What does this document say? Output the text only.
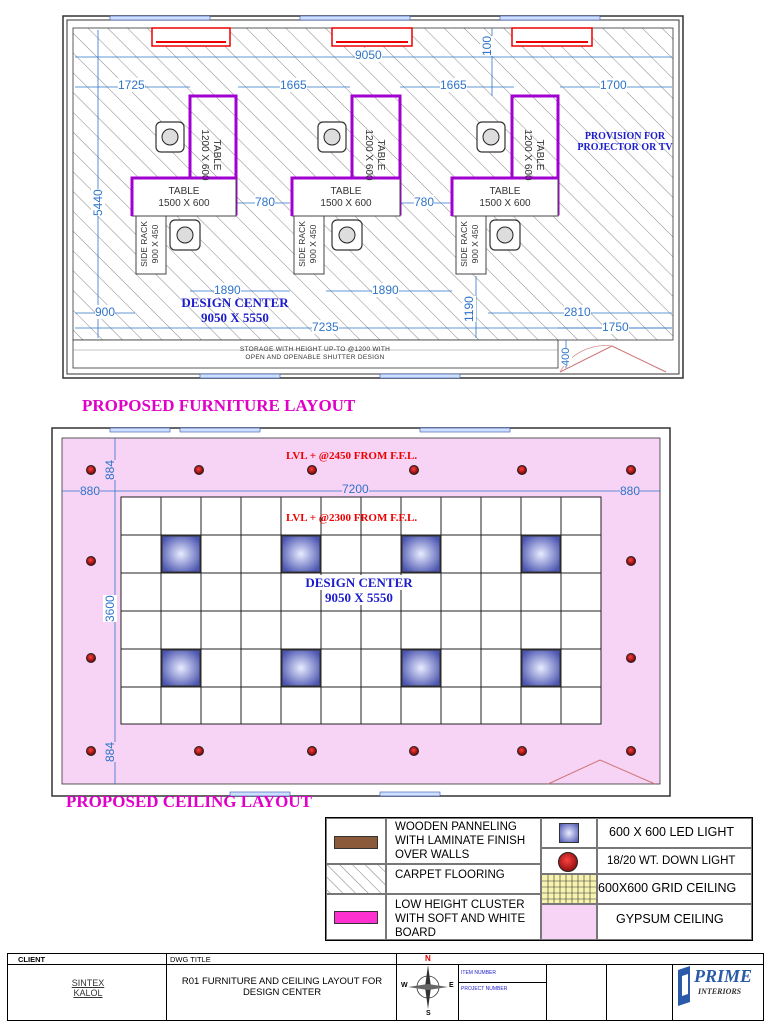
9050	100
1725	1665	1665	1700
5440	780	780
1890	1890
900	2810
1190
7235	1750
400
TABLE
1200 X 600	TABLE
1200 X 600	TABLE
1200 X 600
TABLE
1500 X 600
TABLE
1500 X 600
TABLE
1500 X 600
SIDE RACK 900 X 450	SIDE RACK 900 X 450	SIDE RACK 900 X 450
PROVISION FOR
PROJECTOR OR TV
DESIGN CENTER
9050 X 5550
STORAGE WITH HEIGHT UP-TO @1200 WITH
OPEN AND OPENABLE SHUTTER DESIGN
PROPOSED FURNITURE LAYOUT
LVL + @2450 FROM F.F.L.
LVL + @2300 FROM F.F.L.
880	7200	880
884
3600
884
DESIGN CENTER 9050 X 5550
PROPOSED CEILING LAYOUT
WOODEN PANNELING
WITH LAMINATE FINISH
OVER WALLS
CARPET FLOORING
LOW HEIGHT CLUSTER
WITH SOFT AND WHITE
BOARD
600 X 600 LED LIGHT
18/20 WT. DOWN LIGHT
600X600 GRID CEILING
GYPSUM CEILING
CLIENT	DWG TITLE
SINTEX
KALOL
R01 FURNITURE AND CEILING LAYOUT FOR
DESIGN CENTER
N
S
W	E
ITEM NUMBER
PROJECT NUMBER
PRIME
INTERIORS
